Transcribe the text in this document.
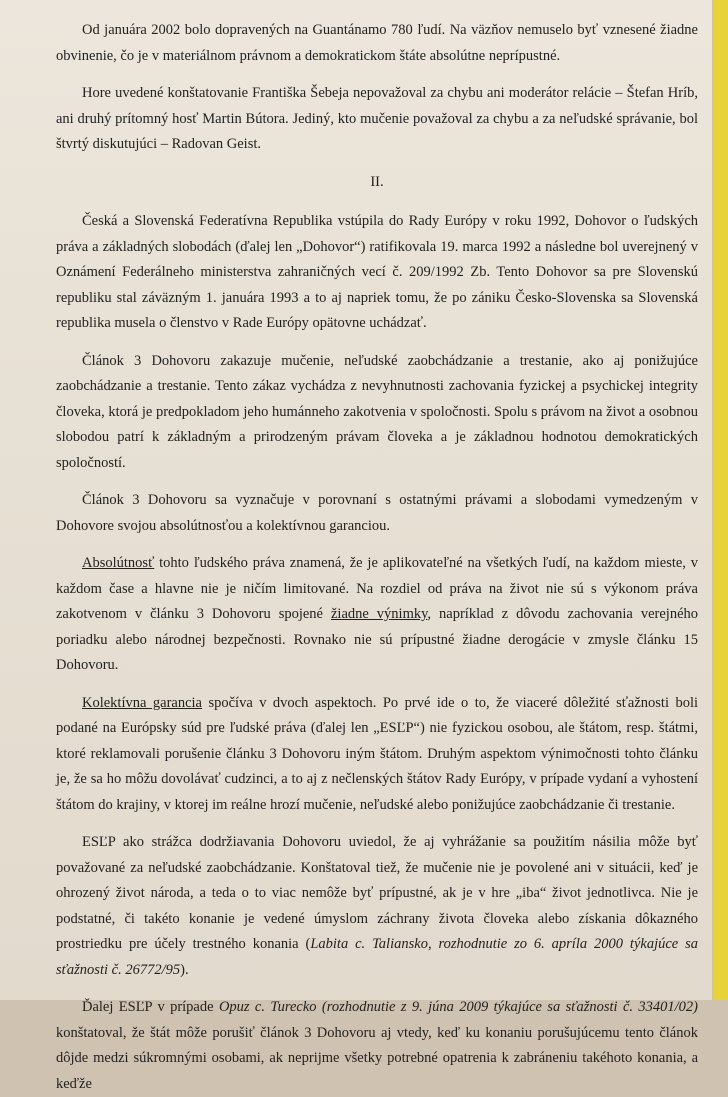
Od januára 2002 bolo dopravených na Guantánamo 780 ľudí. Na väzňov nemuselo byť vznesené žiadne obvinenie, čo je v materiálnom právnom a demokratickom štáte absolútne neprípustné.

Hore uvedené konštatovanie Františka Šebeja nepovažoval za chybu ani moderátor relácie – Štefan Hríb, ani druhý prítomný hosť Martin Bútora. Jediný, kto mučenie považoval za chybu a za neľudské správanie, bol štvrtý diskutujúci – Radovan Geist.

II.

Česká a Slovenská Federatívna Republika vstúpila do Rady Európy v roku 1992, Dohovor o ľudských práva a základných slobodách (ďalej len „Dohovor“) ratifikovala 19. marca 1992 a následne bol uverejnený v Oznámení Federálneho ministerstva zahraničných vecí č. 209/1992 Zb. Tento Dohovor sa pre Slovenskú republiku stal záväzným 1. januára 1993 a to aj napriek tomu, že po zániku Česko-Slovenska sa Slovenská republika musela o členstvo v Rade Európy opätovne uchádzať.

Článok 3 Dohovoru zakazuje mučenie, neľudské zaobchádzanie a trestanie, ako aj ponižujúce zaobchádzanie a trestanie. Tento zákaz vychádza z nevyhnutnosti zachovania fyzickej a psychickej integrity človeka, ktorá je predpokladom jeho humánneho zakotvenia v spoločnosti. Spolu s právom na život a osobnou slobodou patrí k základným a prirodzeným právam človeka a je základnou hodnotou demokratických spoločností.

Článok 3 Dohovoru sa vyznačuje v porovnaní s ostatnými právami a slobodami vymedzeným v Dohovore svojou absolútnosťou a kolektívnou garanciou.

Absolútnosť tohto ľudského práva znamená, že je aplikovateľné na všetkých ľudí, na každom mieste, v každom čase a hlavne nie je ničím limitované. Na rozdiel od práva na život nie sú s výkonom práva zakotvenom v článku 3 Dohovoru spojené žiadne výnimky, napríklad z dôvodu zachovania verejného poriadku alebo národnej bezpečnosti. Rovnako nie sú prípustné žiadne derogácie v zmysle článku 15 Dohovoru.

Kolektívna garancia spočíva v dvoch aspektoch. Po prvé ide o to, že viaceré dôležité sťažnosti boli podané na Európsky súd pre ľudské práva (ďalej len „ESĽP“) nie fyzickou osobou, ale štátom, resp. štátmi, ktoré reklamovali porušenie článku 3 Dohovoru iným štátom. Druhým aspektom výnimočnosti tohto článku je, že sa ho môžu dovolávať cudzinci, a to aj z nečlenských štátov Rady Európy, v prípade vydaní a vyhostení štátom do krajiny, v ktorej im reálne hrozí mučenie, neľudské alebo ponižujúce zaobchádzanie či trestanie.

ESĽP ako strážca dodržiavania Dohovoru uviedol, že aj vyhrážanie sa použitím násilia môže byť považované za neľudské zaobchádzanie. Konštatoval tiež, že mučenie nie je povolené ani v situácii, keď je ohrozený život národa, a teda o to viac nemôže byť prípustné, ak je v hre „iba“ život jednotlivca. Nie je podstatné, či takéto konanie je vedené úmyslom záchrany života človeka alebo získania dôkazného prostriedku pre účely trestného konania (Labita c. Taliansko, rozhodnutie zo 6. apríla 2000 týkajúce sa sťažnosti č. 26772/95).

Ďalej ESĽP v prípade Opuz c. Turecko (rozhodnutie z 9. júna 2009 týkajúce sa sťažnosti č. 33401/02) konštatoval, že štát môže porušiť článok 3 Dohovoru aj vtedy, keď ku konaniu porušujúcemu tento článok dôjde medzi súkromnými osobami, ak neprijme všetky potrebné opatrenia k zabráneniu takéhoto konania, a keďže
